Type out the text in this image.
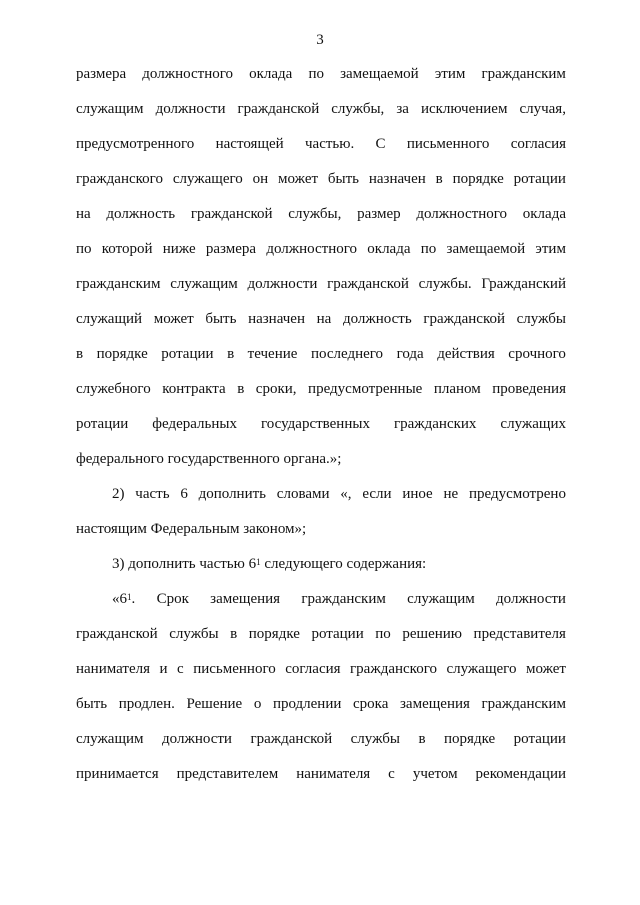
3
размера должностного оклада по замещаемой этим гражданским
служащим должности гражданской службы, за исключением случая,
предусмотренного настоящей частью. С письменного согласия
гражданского служащего он может быть назначен в порядке ротации
на должность гражданской службы, размер должностного оклада
по которой ниже размера должностного оклада по замещаемой этим
гражданским служащим должности гражданской службы. Гражданский
служащий может быть назначен на должность гражданской службы
в порядке ротации в течение последнего года действия срочного
служебного контракта в сроки, предусмотренные планом проведения
ротации федеральных государственных гражданских служащих
федерального государственного органа.»;
2) часть 6 дополнить словами «, если иное не предусмотрено
настоящим Федеральным законом»;
3) дополнить частью $6^1$ следующего содержания:
«$6^1$. Срок замещения гражданским служащим должности
гражданской службы в порядке ротации по решению представителя
нанимателя и с письменного согласия гражданского служащего может
быть продлен. Решение о продлении срока замещения гражданским
служащим должности гражданской службы в порядке ротации
принимается представителем нанимателя с учетом рекомендации
